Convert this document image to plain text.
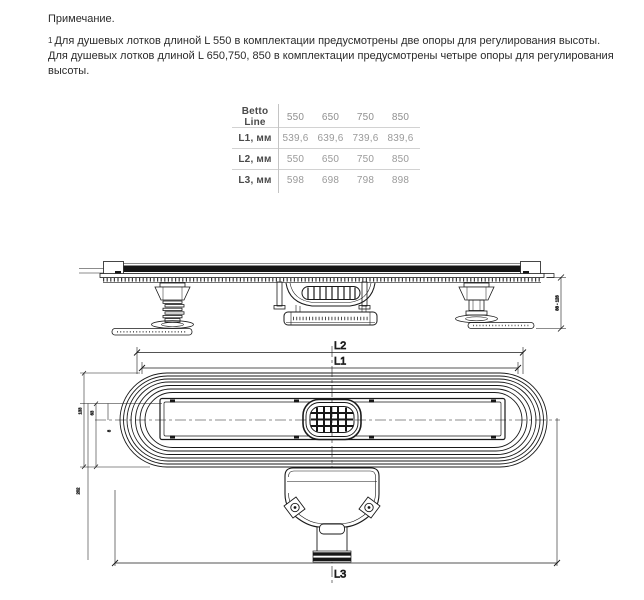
Примечание.
$^1$ Для душевых лотков длиной L 550 в комплектации предусмотрены две опоры для регулирования высоты.
Для душевых лотков длиной L 650,750, 850 в комплектации предусмотрены четыре опоры для регулирования высоты.
Betto Line	550	650	750	850
L1, мм	539,6 639,6 739,6 839,6
L2, мм	550	650	750	850
L3, мм	598	698	798	898
88 - 128
L2
L1
133 63
8
202
L3
